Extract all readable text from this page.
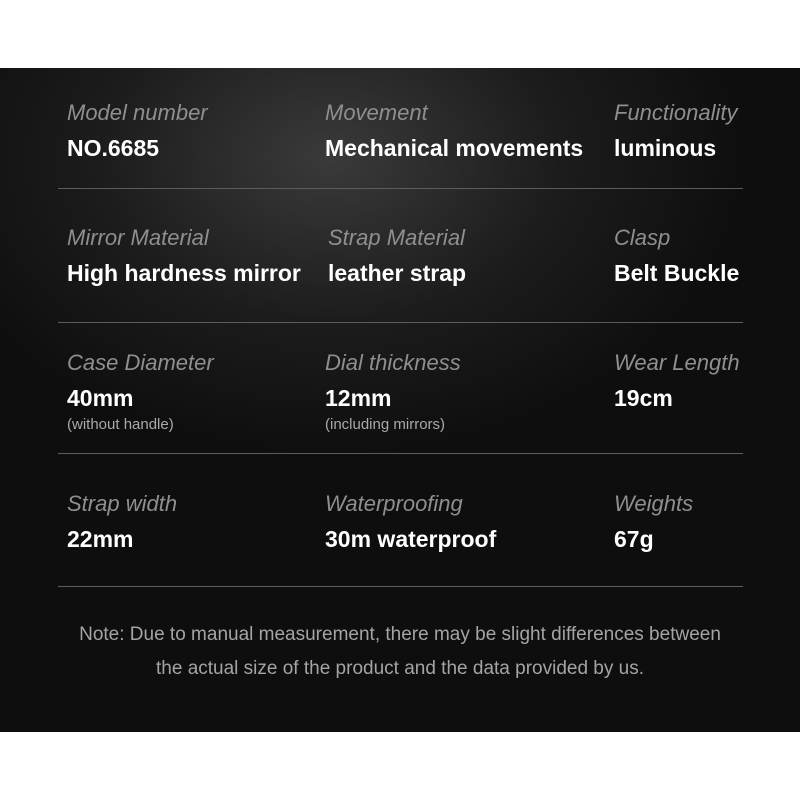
Model number
NO.6685
Movement
Mechanical movements
Functionality
luminous
Mirror Material
High hardness mirror
Strap Material
leather strap
Clasp
Belt Buckle
Case Diameter
40mm
(without handle)
Dial thickness
12mm
(including mirrors)
Wear Length
19cm
Strap width
22mm
Waterproofing
30m waterproof
Weights
67g
Note: Due to manual measurement, there may be slight differences between
the actual size of the product and the data provided by us.
